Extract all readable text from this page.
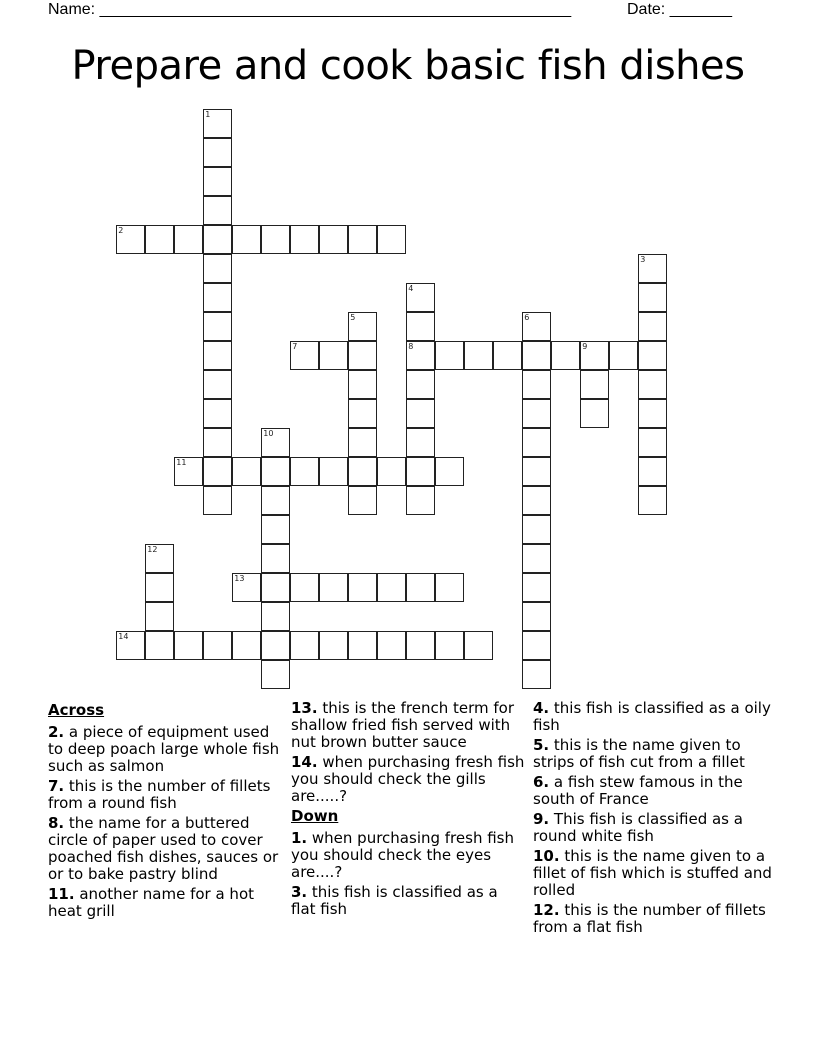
Name: _____________________________________________________	Date: _______
Prepare and cook basic fish dishes
1
2
3
4
8
5	6
7	9
10
11
12
13
14
Across
2. a piece of equipment used to deep poach large whole fish such as salmon
7. this is the number of fillets from a round fish
8. the name for a buttered circle of paper used to cover poached fish dishes, sauces or or to bake pastry blind
11. another name for a hot heat grill
13. this is the french term for shallow fried fish served with nut brown butter sauce
14. when purchasing fresh fish you should check the gills are.....?
Down
1. when purchasing fresh fish you should check the eyes are....?
3. this fish is classified as a flat fish
4. this fish is classified as a oily fish
5. this is the name given to strips of fish cut from a fillet
6. a fish stew famous in the south of France
9. This fish is classified as a round white fish
10. this is the name given to a fillet of fish which is stuffed and rolled
12. this is the number of fillets from a flat fish
